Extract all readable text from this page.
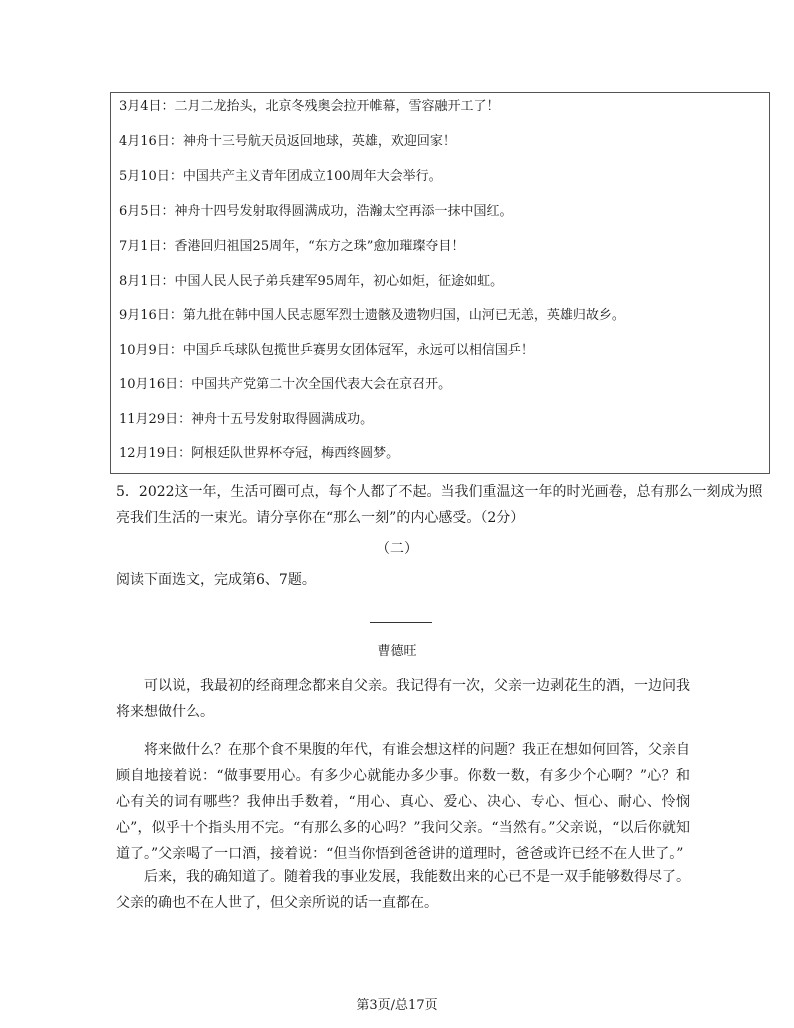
3月4日：二月二龙抬头，北京冬残奥会拉开帷幕，雪容融开工了！
4月16日：神舟十三号航天员返回地球，英雄，欢迎回家！
5月10日：中国共产主义青年团成立100周年大会举行。
6月5日：神舟十四号发射取得圆满成功，浩瀚太空再添一抹中国红。
7月1日：香港回归祖国25周年，“东方之珠”愈加璀璨夺目！
8月1日：中国人民人民子弟兵建军95周年，初心如炬，征途如虹。
9月16日：第九批在韩中国人民志愿军烈士遗骸及遗物归国，山河已无恙，英雄归故乡。
10月9日：中国乒乓球队包揽世乒赛男女团体冠军，永远可以相信国乒！
10月16日：中国共产党第二十次全国代表大会在京召开。
11月29日：神舟十五号发射取得圆满成功。
12月19日：阿根廷队世界杯夺冠，梅西终圆梦。
5．2022这一年，生活可圈可点，每个人都了不起。当我们重温这一年的时光画卷，总有那么一刻成为照亮我们生活的一束光。请分享你在“那么一刻”的内心感受。（2分）
（二）
阅读下面选文，完成第6、7题。
曹德旺

可以说，我最初的经商理念都来自父亲。我记得有一次，父亲一边剥花生的酒，一边问我将来想做什么。

将来做什么？在那个食不果腹的年代，有谁会想这样的问题？我正在想如何回答，父亲自顾自地接着说：“做事要用心。有多少心就能办多少事。你数一数，有多少个心啊？”心？和心有关的词有哪些？我伸出手数着，“用心、真心、爱心、决心、专心、恒心、耐心、怜悯心”，似乎十个指头用不完。“有那么多的心吗？”我问父亲。“当然有。”父亲说，“以后你就知道了。”父亲喝了一口酒，接着说：“但当你悟到爸爸讲的道理时，爸爸或许已经不在人世了。”

后来，我的确知道了。随着我的事业发展，我能数出来的心已不是一双手能够数得尽了。父亲的确也不在人世了，但父亲所说的话一直都在。

第3页/总17页
